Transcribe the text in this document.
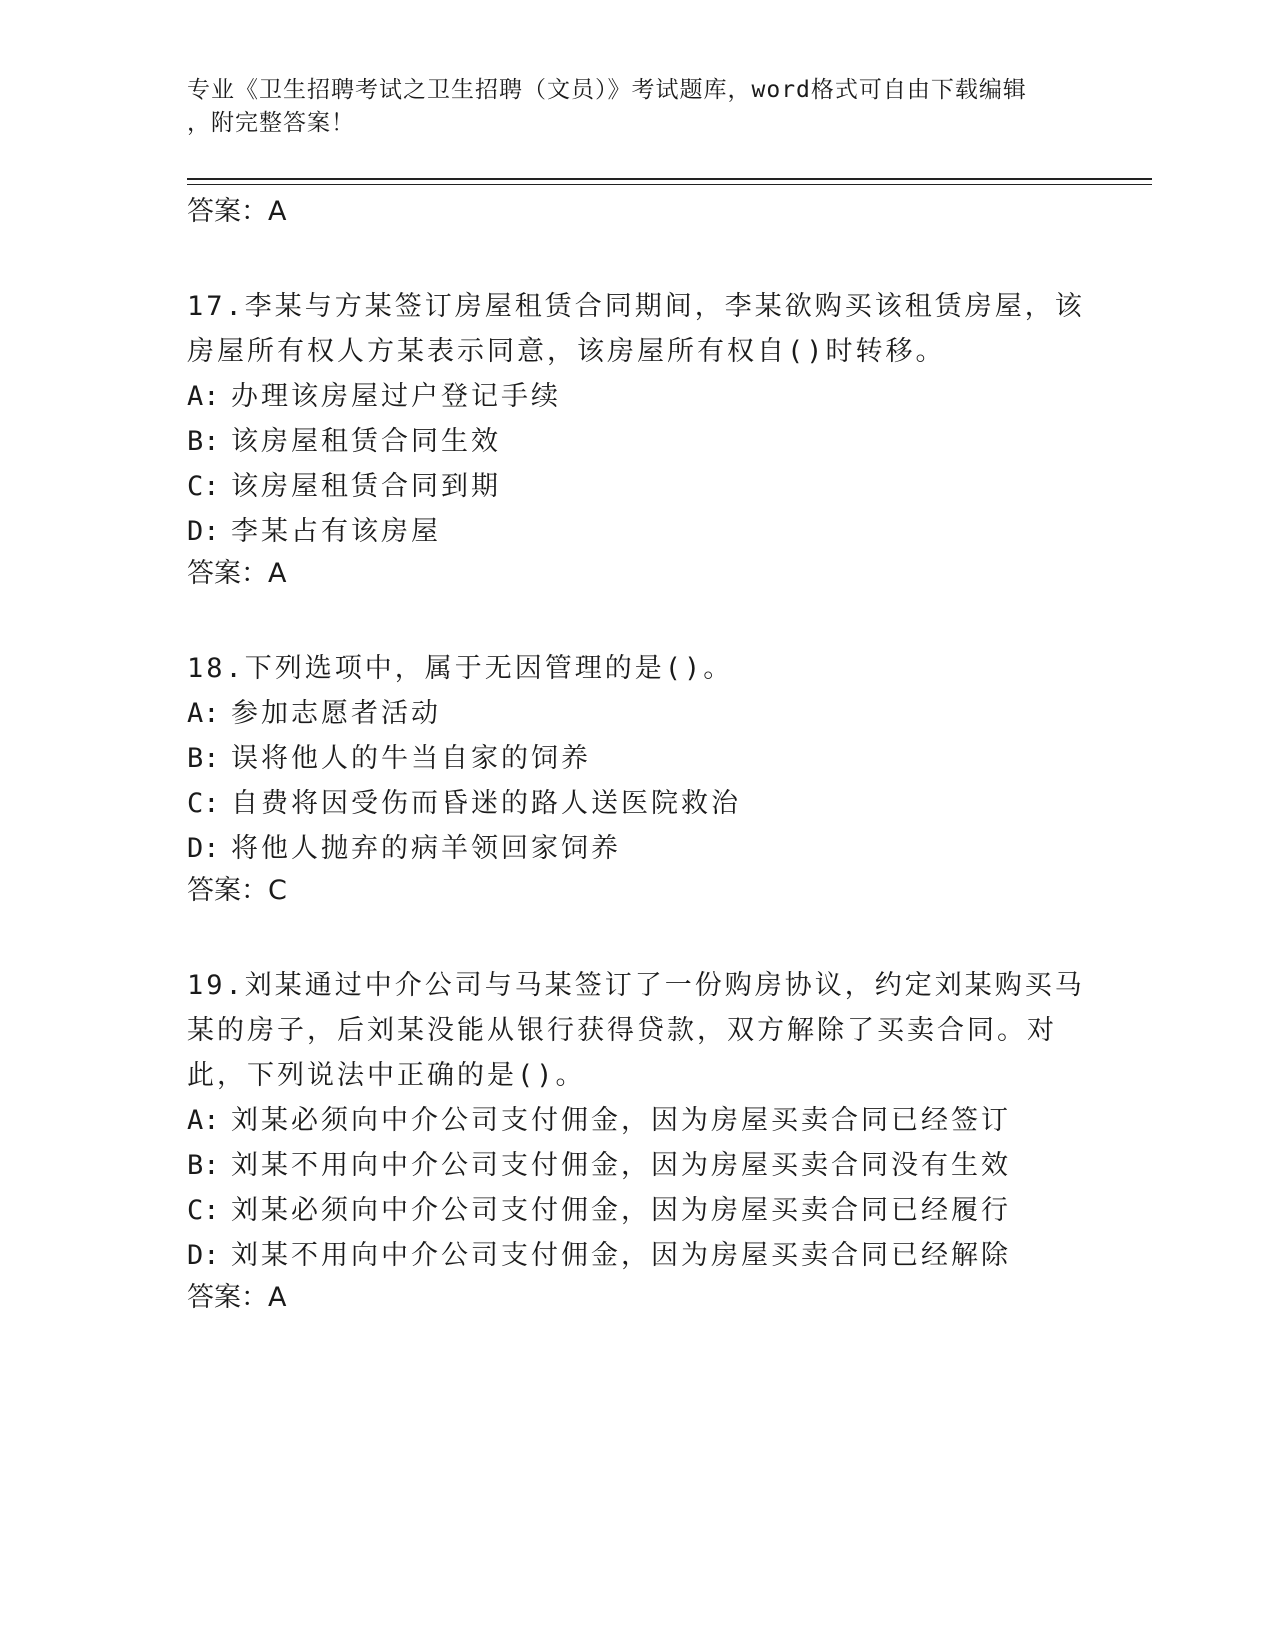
专业《卫生招聘考试之卫生招聘（文员）》考试题库，word格式可自由下载编辑
，附完整答案！

答案：A

17.李某与方某签订房屋租赁合同期间，李某欲购买该租赁房屋，该房屋所有权人方某表示同意，该房屋所有权自()时转移。

A: 办理该房屋过户登记手续

B: 该房屋租赁合同生效

C: 该房屋租赁合同到期

D: 李某占有该房屋

答案：A

18.下列选项中，属于无因管理的是()。

A: 参加志愿者活动

B: 误将他人的牛当自家的饲养

C: 自费将因受伤而昏迷的路人送医院救治

D: 将他人抛弃的病羊领回家饲养

答案：C

19.刘某通过中介公司与马某签订了一份购房协议，约定刘某购买马某的房子，后刘某没能从银行获得贷款，双方解除了买卖合同。对此，下列说法中正确的是()。

A: 刘某必须向中介公司支付佣金，因为房屋买卖合同已经签订

B: 刘某不用向中介公司支付佣金，因为房屋买卖合同没有生效

C: 刘某必须向中介公司支付佣金，因为房屋买卖合同已经履行

D: 刘某不用向中介公司支付佣金，因为房屋买卖合同已经解除

答案：A
